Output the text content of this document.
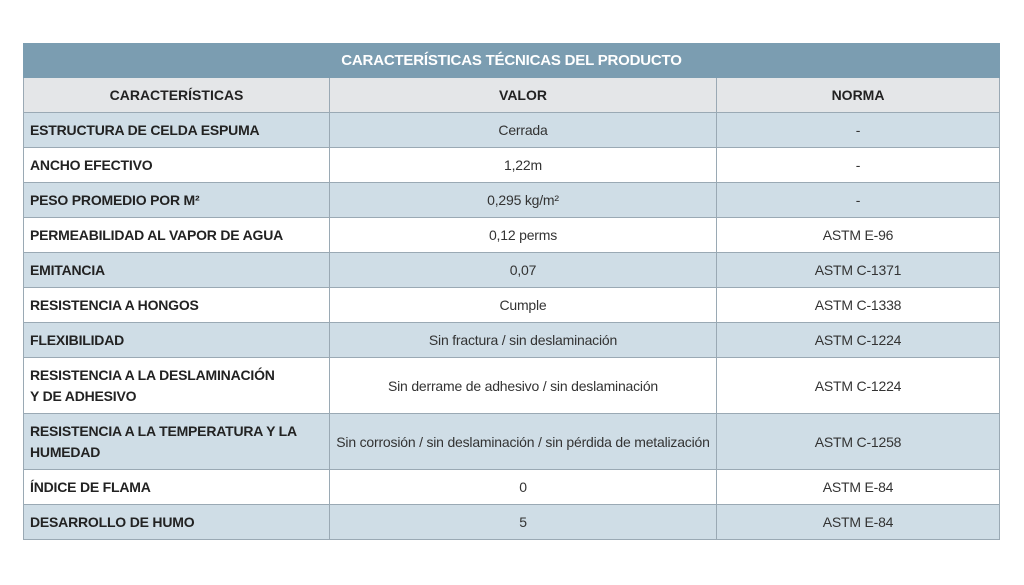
CARACTERÍSTICAS TÉCNICAS DEL PRODUCTO		
CARACTERÍSTICAS	VALOR	NORMA

ESTRUCTURA DE CELDA ESPUMA	Cerrada	-

ANCHO EFECTIVO	1,22m	-

PESO PROMEDIO POR M²	0,295 kg/m²	-

PERMEABILIDAD AL VAPOR DE AGUA	0,12 perms	ASTM E-96

EMITANCIA	0,07	ASTM C-1371

RESISTENCIA A HONGOS	Cumple	ASTM C-1338

FLEXIBILIDAD	Sin fractura / sin deslaminación	ASTM C-1224

RESISTENCIA A LA DESLAMINACIÓN
Y DE ADHESIVO	Sin derrame de adhesivo / sin deslaminación	ASTM C-1224

RESISTENCIA A LA TEMPERATURA Y LA
HUMEDAD	Sin corrosión / sin deslaminación / sin pérdida de metalización	ASTM C-1258

ÍNDICE DE FLAMA	0	ASTM E-84

DESARROLLO DE HUMO	5	ASTM E-84
